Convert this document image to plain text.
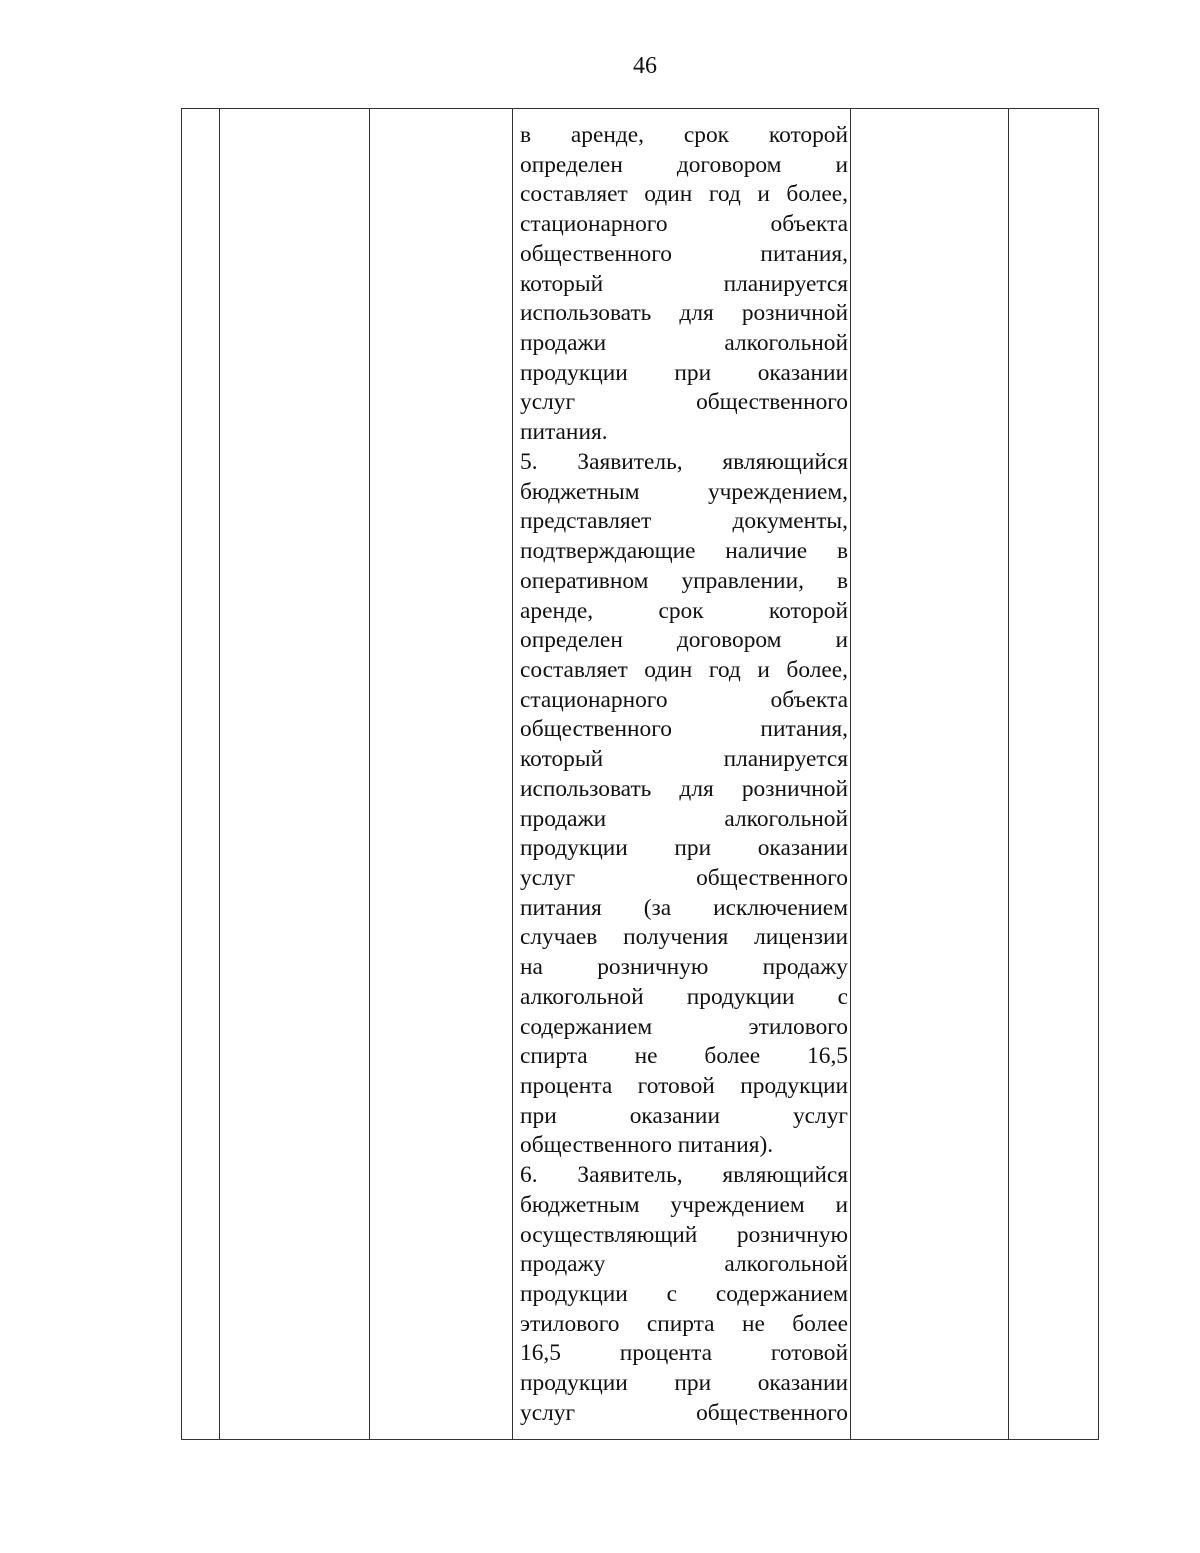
46
в аренде, срок которой
определен договором и
составляет один год и более,
стационарного объекта
общественного питания,
который планируется
использовать для розничной
продажи алкогольной
продукции при оказании
услуг общественного
питания.
5. Заявитель, являющийся
бюджетным учреждением,
представляет документы,
подтверждающие наличие в
оперативном управлении, в
аренде, срок которой
определен договором и
составляет один год и более,
стационарного объекта
общественного питания,
который планируется
использовать для розничной
продажи алкогольной
продукции при оказании
услуг общественного
питания (за исключением
случаев получения лицензии
на розничную продажу
алкогольной продукции с
содержанием этилового
спирта не более 16,5
процента готовой продукции
при оказании услуг
общественного питания).
6. Заявитель, являющийся
бюджетным учреждением и
осуществляющий розничную
продажу алкогольной
продукции с содержанием
этилового спирта не более
16,5 процента готовой
продукции при оказании
услуг общественного
